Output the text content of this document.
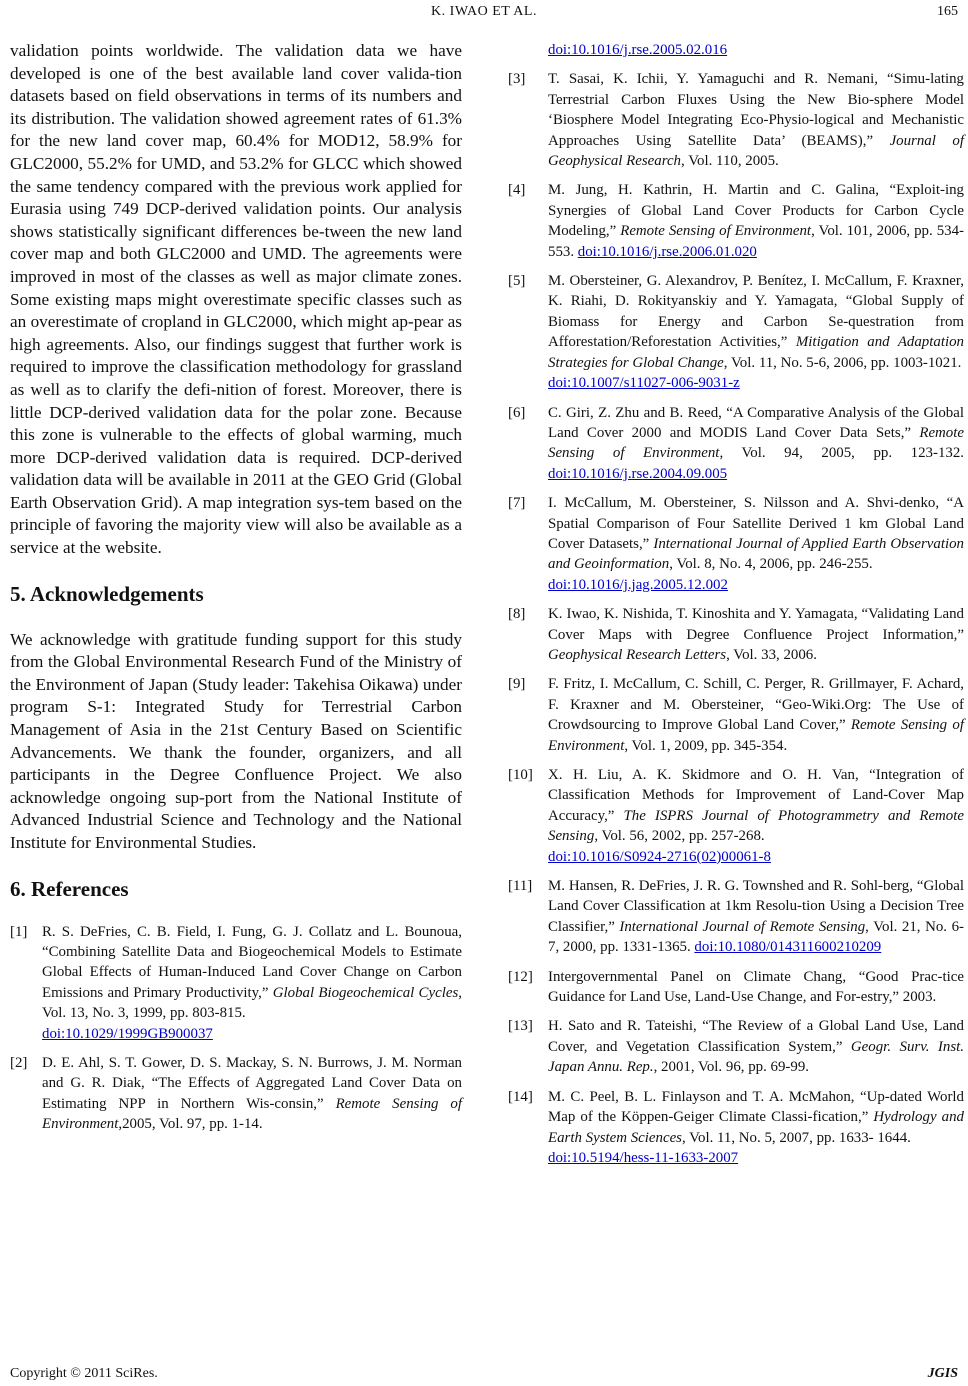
K. IWAO ET AL.	165

validation points worldwide. The validation data we have developed is one of the best available land cover valida-tion datasets based on field observations in terms of its numbers and its distribution. The validation showed agreement rates of 61.3% for the new land cover map, 60.4% for MOD12, 58.9% for GLC2000, 55.2% for UMD, and 53.2% for GLCC which showed the same tendency compared with the previous work applied for Eurasia using 749 DCP-derived validation points. Our analysis shows statistically significant differences be-tween the new land cover map and both GLC2000 and UMD. The agreements were improved in most of the classes as well as major climate zones. Some existing maps might overestimate specific classes such as an overestimate of cropland in GLC2000, which might ap-pear as high agreements. Also, our findings suggest that further work is required to improve the classification methodology for grassland as well as to clarify the defi-nition of forest. Moreover, there is little DCP-derived validation data for the polar zone. Because this zone is vulnerable to the effects of global warming, much more DCP-derived validation data is required. DCP-derived validation data will be available in 2011 at the GEO Grid (Global Earth Observation Grid). A map integration sys-tem based on the principle of favoring the majority view will also be available as a service at the website.

5. Acknowledgements

We acknowledge with gratitude funding support for this study from the Global Environmental Research Fund of the Ministry of the Environment of Japan (Study leader: Takehisa Oikawa) under program S-1: Integrated Study for Terrestrial Carbon Management of Asia in the 21st Century Based on Scientific Advancements. We thank the founder, organizers, and all participants in the Degree Confluence Project. We also acknowledge ongoing sup-port from the National Institute of Advanced Industrial Science and Technology and the National Institute for Environmental Studies.

6. References
[1] R. S. DeFries, C. B. Field, I. Fung, G. J. Collatz and L. Bounoua, “Combining Satellite Data and Biogeochemical Models to Estimate Global Effects of Human-Induced Land Cover Change on Carbon Emissions and Primary Productivity,” Global Biogeochemical Cycles, Vol. 13, No. 3, 1999, pp. 803-815.
doi:10.1029/1999GB900037
[2] D. E. Ahl, S. T. Gower, D. S. Mackay, S. N. Burrows, J. M. Norman and G. R. Diak, “The Effects of Aggregated Land Cover Data on Estimating NPP in Northern Wis-consin,” Remote Sensing of Environment,2005, Vol. 97, pp. 1-14.
doi:10.1016/j.rse.2005.02.016
[3] T. Sasai, K. Ichii, Y. Yamaguchi and R. Nemani, “Simu-lating Terrestrial Carbon Fluxes Using the New Bio-sphere Model ‘Biosphere Model Integrating Eco-Physio-logical and Mechanistic Approaches Using Satellite Data’ (BEAMS),” Journal of Geophysical Research, Vol. 110, 2005.
[4] M. Jung, H. Kathrin, H. Martin and C. Galina, “Exploit-ing Synergies of Global Land Cover Products for Carbon Cycle Modeling,” Remote Sensing of Environment, Vol. 101, 2006, pp. 534-553. doi:10.1016/j.rse.2006.01.020
[5] M. Obersteiner, G. Alexandrov, P. Benítez, I. McCallum, F. Kraxner, K. Riahi, D. Rokityanskiy and Y. Yamagata, “Global Supply of Biomass for Energy and Carbon Se-questration from Afforestation/Reforestation Activities,” Mitigation and Adaptation Strategies for Global Change, Vol. 11, No. 5-6, 2006, pp. 1003-1021.
doi:10.1007/s11027-006-9031-z
[6] C. Giri, Z. Zhu and B. Reed, “A Comparative Analysis of the Global Land Cover 2000 and MODIS Land Cover Data Sets,” Remote Sensing of Environment, Vol. 94, 2005, pp. 123-132. doi:10.1016/j.rse.2004.09.005
[7] I. McCallum, M. Obersteiner, S. Nilsson and A. Shvi-denko, “A Spatial Comparison of Four Satellite Derived 1 km Global Land Cover Datasets,” International Journal of Applied Earth Observation and Geoinformation, Vol. 8, No. 4, 2006, pp. 246-255.
doi:10.1016/j.jag.2005.12.002
[8] K. Iwao, K. Nishida, T. Kinoshita and Y. Yamagata, “Validating Land Cover Maps with Degree Confluence Project Information,” Geophysical Research Letters, Vol. 33, 2006.
[9] F. Fritz, I. McCallum, C. Schill, C. Perger, R. Grillmayer, F. Achard, F. Kraxner and M. Obersteiner, “Geo-Wiki.Org: The Use of Crowdsourcing to Improve Global Land Cover,” Remote Sensing of Environment, Vol. 1, 2009, pp. 345-354.
[10] X. H. Liu, A. K. Skidmore and O. H. Van, “Integration of Classification Methods for Improvement of Land-Cover Map Accuracy,” The ISPRS Journal of Photogrammetry and Remote Sensing, Vol. 56, 2002, pp. 257-268.
doi:10.1016/S0924-2716(02)00061-8
[11] M. Hansen, R. DeFries, J. R. G. Townshed and R. Sohl-berg, “Global Land Cover Classification at 1km Resolu-tion Using a Decision Tree Classifier,” International Journal of Remote Sensing, Vol. 21, No. 6-7, 2000, pp. 1331-1365. doi:10.1080/014311600210209
[12] Intergovernmental Panel on Climate Chang, “Good Prac-tice Guidance for Land Use, Land-Use Change, and For-estry,” 2003.
[13] H. Sato and R. Tateishi, “The Review of a Global Land Use, Land Cover, and Vegetation Classification System,” Geogr. Surv. Inst. Japan Annu. Rep., 2001, Vol. 96, pp. 69-99.
[14] M. C. Peel, B. L. Finlayson and T. A. McMahon, “Up-dated World Map of the Köppen-Geiger Climate Classi-fication,” Hydrology and Earth System Sciences, Vol. 11, No. 5, 2007, pp. 1633- 1644.
doi:10.5194/hess-11-1633-2007
Copyright © 2011 SciRes.	JGIS
